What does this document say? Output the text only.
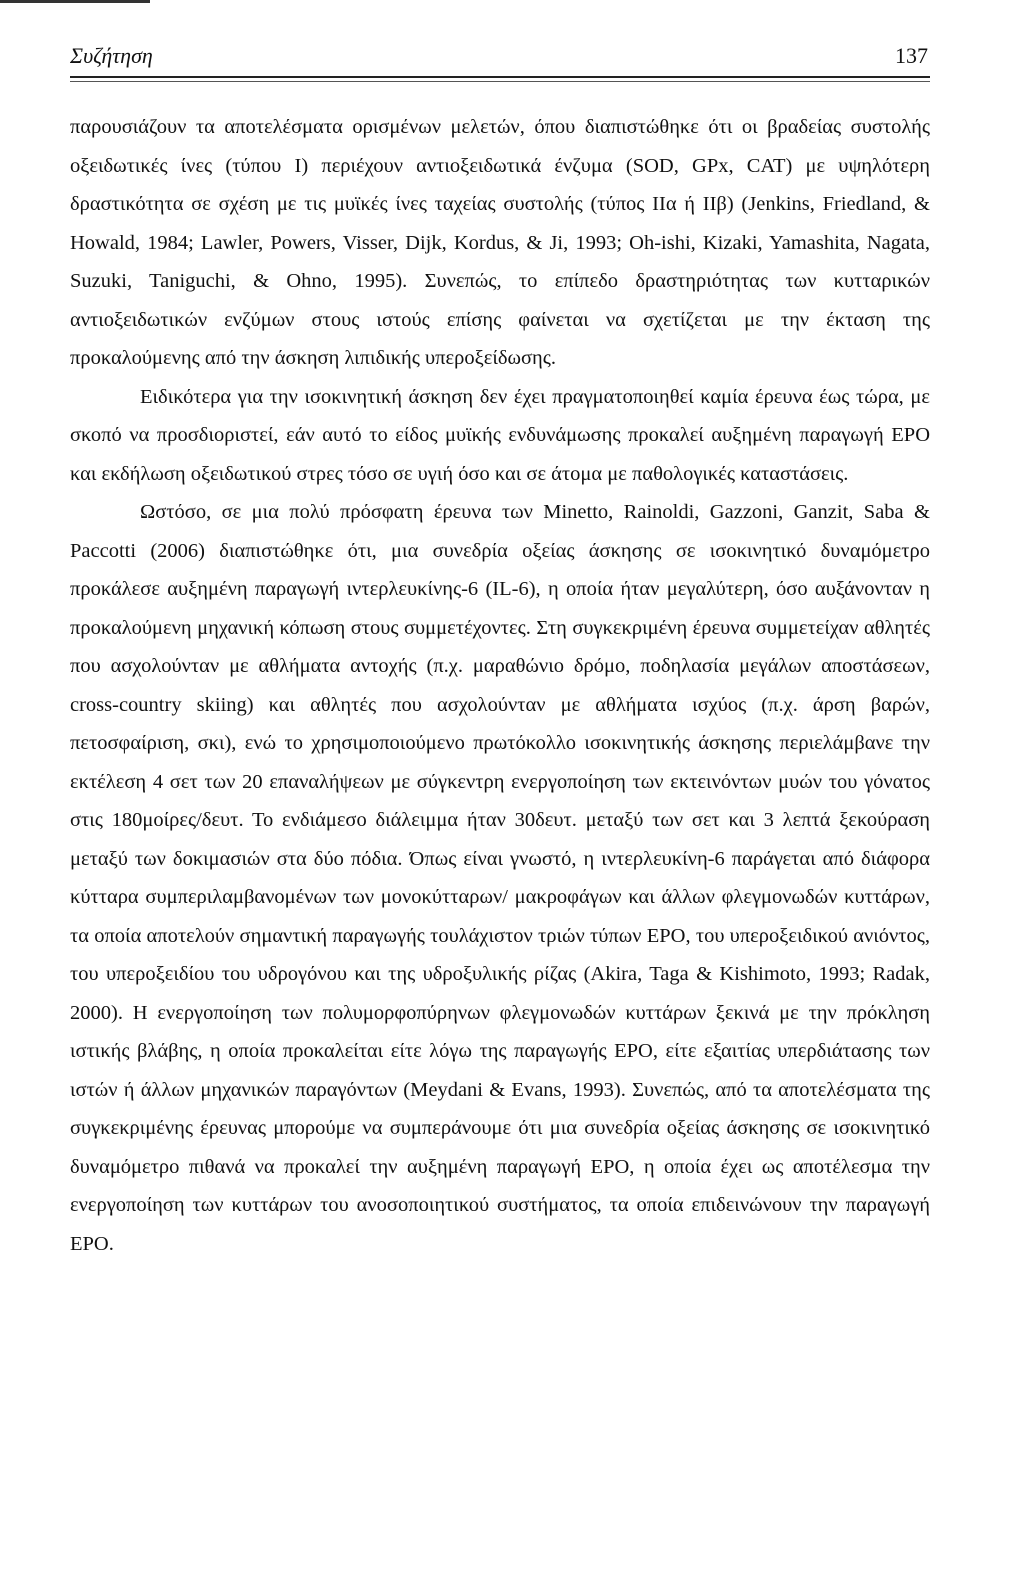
Συζήτηση	137

παρουσιάζουν τα αποτελέσματα ορισμένων μελετών, όπου διαπιστώθηκε ότι οι βραδείας συστολής οξειδωτικές ίνες (τύπου I) περιέχουν αντιοξειδωτικά ένζυμα (SOD, GPx, CAT) με υψηλότερη δραστικότητα σε σχέση με τις μυϊκές ίνες ταχείας συστολής (τύπος IIα ή IIβ) (Jenkins, Friedland, & Howald, 1984; Lawler, Powers, Visser, Dijk, Kordus, & Ji, 1993; Oh-ishi, Kizaki, Yamashita, Nagata, Suzuki, Taniguchi, & Ohno, 1995). Συνεπώς, το επίπεδο δραστηριότητας των κυτταρικών αντιοξειδωτικών ενζύμων στους ιστούς επίσης φαίνεται να σχετίζεται με την έκταση της προκαλούμενης από την άσκηση λιπιδικής υπεροξείδωσης.

Ειδικότερα για την ισοκινητική άσκηση δεν έχει πραγματοποιηθεί καμία έρευνα έως τώρα, με σκοπό να προσδιοριστεί, εάν αυτό το είδος μυϊκής ενδυνάμωσης προκαλεί αυξημένη παραγωγή ΕΡΟ και εκδήλωση οξειδωτικού στρες τόσο σε υγιή όσο και σε άτομα με παθολογικές καταστάσεις.

Ωστόσο, σε μια πολύ πρόσφατη έρευνα των Minetto, Rainoldi, Gazzoni, Ganzit, Saba & Paccotti (2006) διαπιστώθηκε ότι, μια συνεδρία οξείας άσκησης σε ισοκινητικό δυναμόμετρο προκάλεσε αυξημένη παραγωγή ιντερλευκίνης-6 (IL-6), η οποία ήταν μεγαλύτερη, όσο αυξάνονταν η προκαλούμενη μηχανική κόπωση στους συμμετέχοντες. Στη συγκεκριμένη έρευνα συμμετείχαν αθλητές που ασχολούνταν με αθλήματα αντοχής (π.χ. μαραθώνιο δρόμο, ποδηλασία μεγάλων αποστάσεων, cross-country skiing) και αθλητές που ασχολούνταν με αθλήματα ισχύος (π.χ. άρση βαρών, πετοσφαίριση, σκι), ενώ το χρησιμοποιούμενο πρωτόκολλο ισοκινητικής άσκησης περιελάμβανε την εκτέλεση 4 σετ των 20 επαναλήψεων με σύγκεντρη ενεργοποίηση των εκτεινόντων μυών του γόνατος στις 180μοίρες/δευτ. Το ενδιάμεσο διάλειμμα ήταν 30δευτ. μεταξύ των σετ και 3 λεπτά ξεκούραση μεταξύ των δοκιμασιών στα δύο πόδια. Όπως είναι γνωστό, η ιντερλευκίνη-6 παράγεται από διάφορα κύτταρα συμπεριλαμβανομένων των μονοκύτταρων/ μακροφάγων και άλλων φλεγμονωδών κυττάρων, τα οποία αποτελούν σημαντική παραγωγής τουλάχιστον τριών τύπων ΕΡΟ, του υπεροξειδικού ανιόντος, του υπεροξειδίου του υδρογόνου και της υδροξυλικής ρίζας (Akira, Taga & Kishimoto, 1993; Radak, 2000). Η ενεργοποίηση των πολυμορφοπύρηνων φλεγμονωδών κυττάρων ξεκινά με την πρόκληση ιστικής βλάβης, η οποία προκαλείται είτε λόγω της παραγωγής ΕΡΟ, είτε εξαιτίας υπερδιάτασης των ιστών ή άλλων μηχανικών παραγόντων (Meydani & Evans, 1993). Συνεπώς, από τα αποτελέσματα της συγκεκριμένης έρευνας μπορούμε να συμπεράνουμε ότι μια συνεδρία οξείας άσκησης σε ισοκινητικό δυναμόμετρο πιθανά να προκαλεί την αυξημένη παραγωγή ΕΡΟ, η οποία έχει ως αποτέλεσμα την ενεργοποίηση των κυττάρων του ανοσοποιητικού συστήματος, τα οποία επιδεινώνουν την παραγωγή ΕΡΟ.
